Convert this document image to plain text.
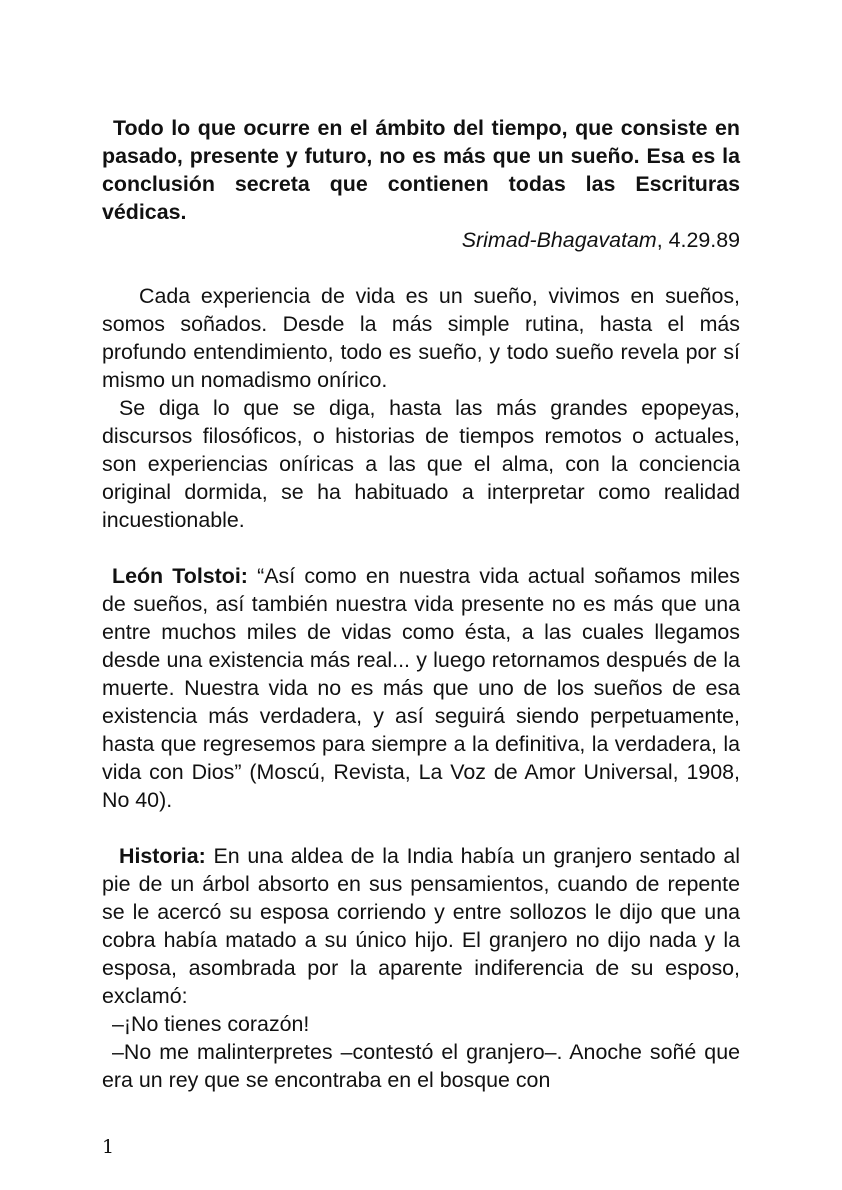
Todo lo que ocurre en el ámbito del tiempo, que consiste en pasado, presente y futuro, no es más que un sueño. Esa es la conclusión secreta que contienen todas las Escrituras védicas.

Srimad-Bhagavatam, 4.29.89

Cada experiencia de vida es un sueño, vivimos en sueños, somos soñados. Desde la más simple rutina, hasta el más profundo entendimiento, todo es sueño, y todo sueño revela por sí mismo un nomadismo onírico.

Se diga lo que se diga, hasta las más grandes epopeyas, discursos filosóficos, o historias de tiempos remotos o actuales, son experiencias oníricas a las que el alma, con la conciencia original dormida, se ha habituado a interpretar como realidad incuestionable.

León Tolstoi: “Así como en nuestra vida actual soñamos miles de sueños, así también nuestra vida presente no es más que una entre muchos miles de vidas como ésta, a las cuales llegamos desde una existencia más real... y luego retornamos después de la muerte. Nuestra vida no es más que uno de los sueños de esa existencia más verdadera, y así seguirá siendo perpetuamente, hasta que regresemos para siempre a la definitiva, la verdadera, la vida con Dios” (Moscú, Revista, La Voz de Amor Universal, 1908, No 40).

Historia: En una aldea de la India había un granjero sentado al pie de un árbol absorto en sus pensamientos, cuando de repente se le acercó su esposa corriendo y entre sollozos le dijo que una cobra había matado a su único hijo. El granjero no dijo nada y la esposa, asombrada por la aparente indiferencia de su esposo, exclamó:

–¡No tienes corazón!

–No me malinterpretes –contestó el granjero–. Anoche soñé que era un rey que se encontraba en el bosque con

1
